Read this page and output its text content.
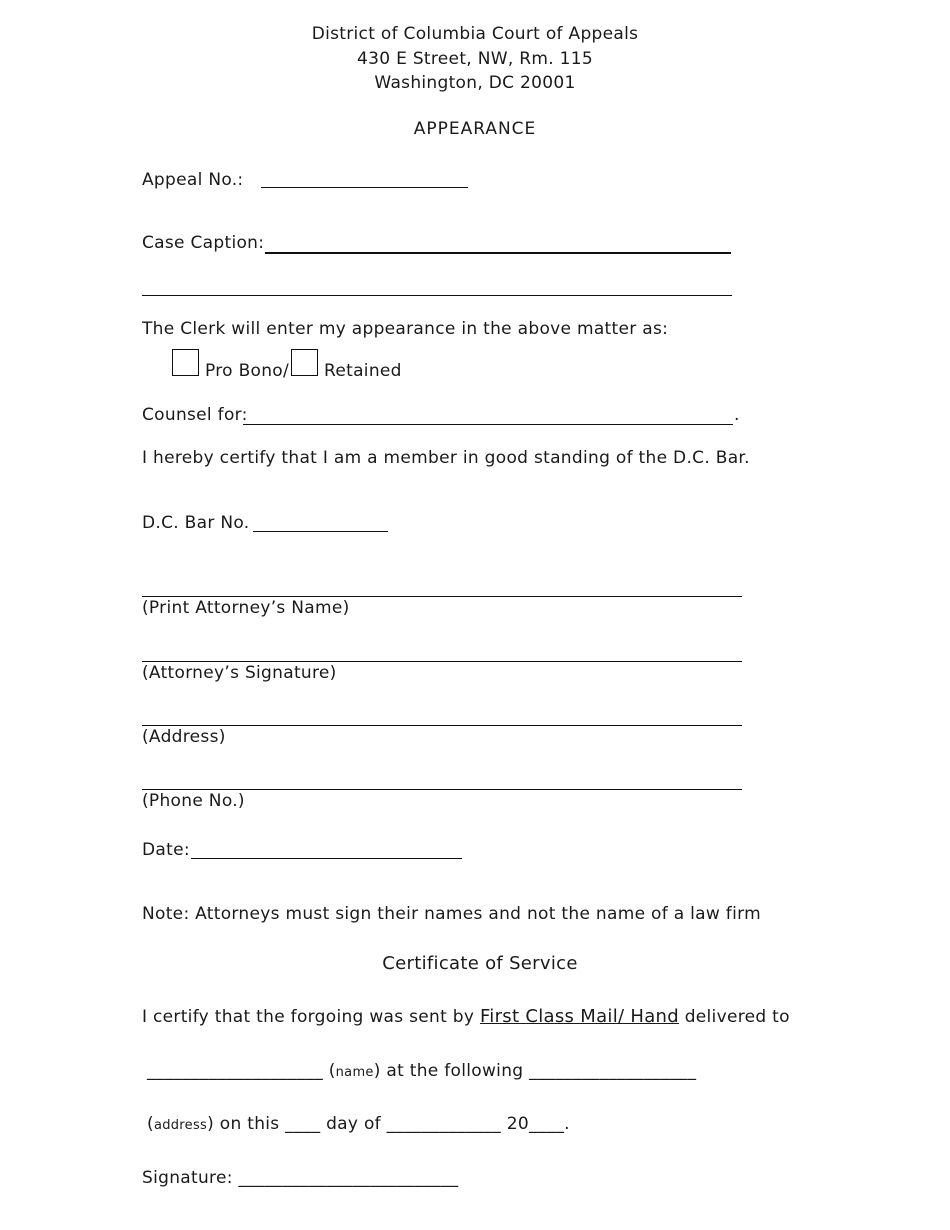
District of Columbia Court of Appeals
430 E Street, NW, Rm. 115
Washington, DC 20001
APPEARANCE
Appeal No.:
Case Caption:
The Clerk will enter my appearance in the above matter as:
Pro Bono/ Retained
Counsel for:	.
I hereby certify that I am a member in good standing of the D.C. Bar.
D.C. Bar No.
(Print Attorney’s Name)
(Attorney’s Signature)
(Address)
(Phone No.)
Date:
Note: Attorneys must sign their names and not the name of a law firm
Certificate of Service
I certify that the forgoing was sent by First Class Mail/ Hand delivered to
____________________ (name) at the following ___________________
(address) on this ____ day of _____________ 20____.
Signature: _________________________
